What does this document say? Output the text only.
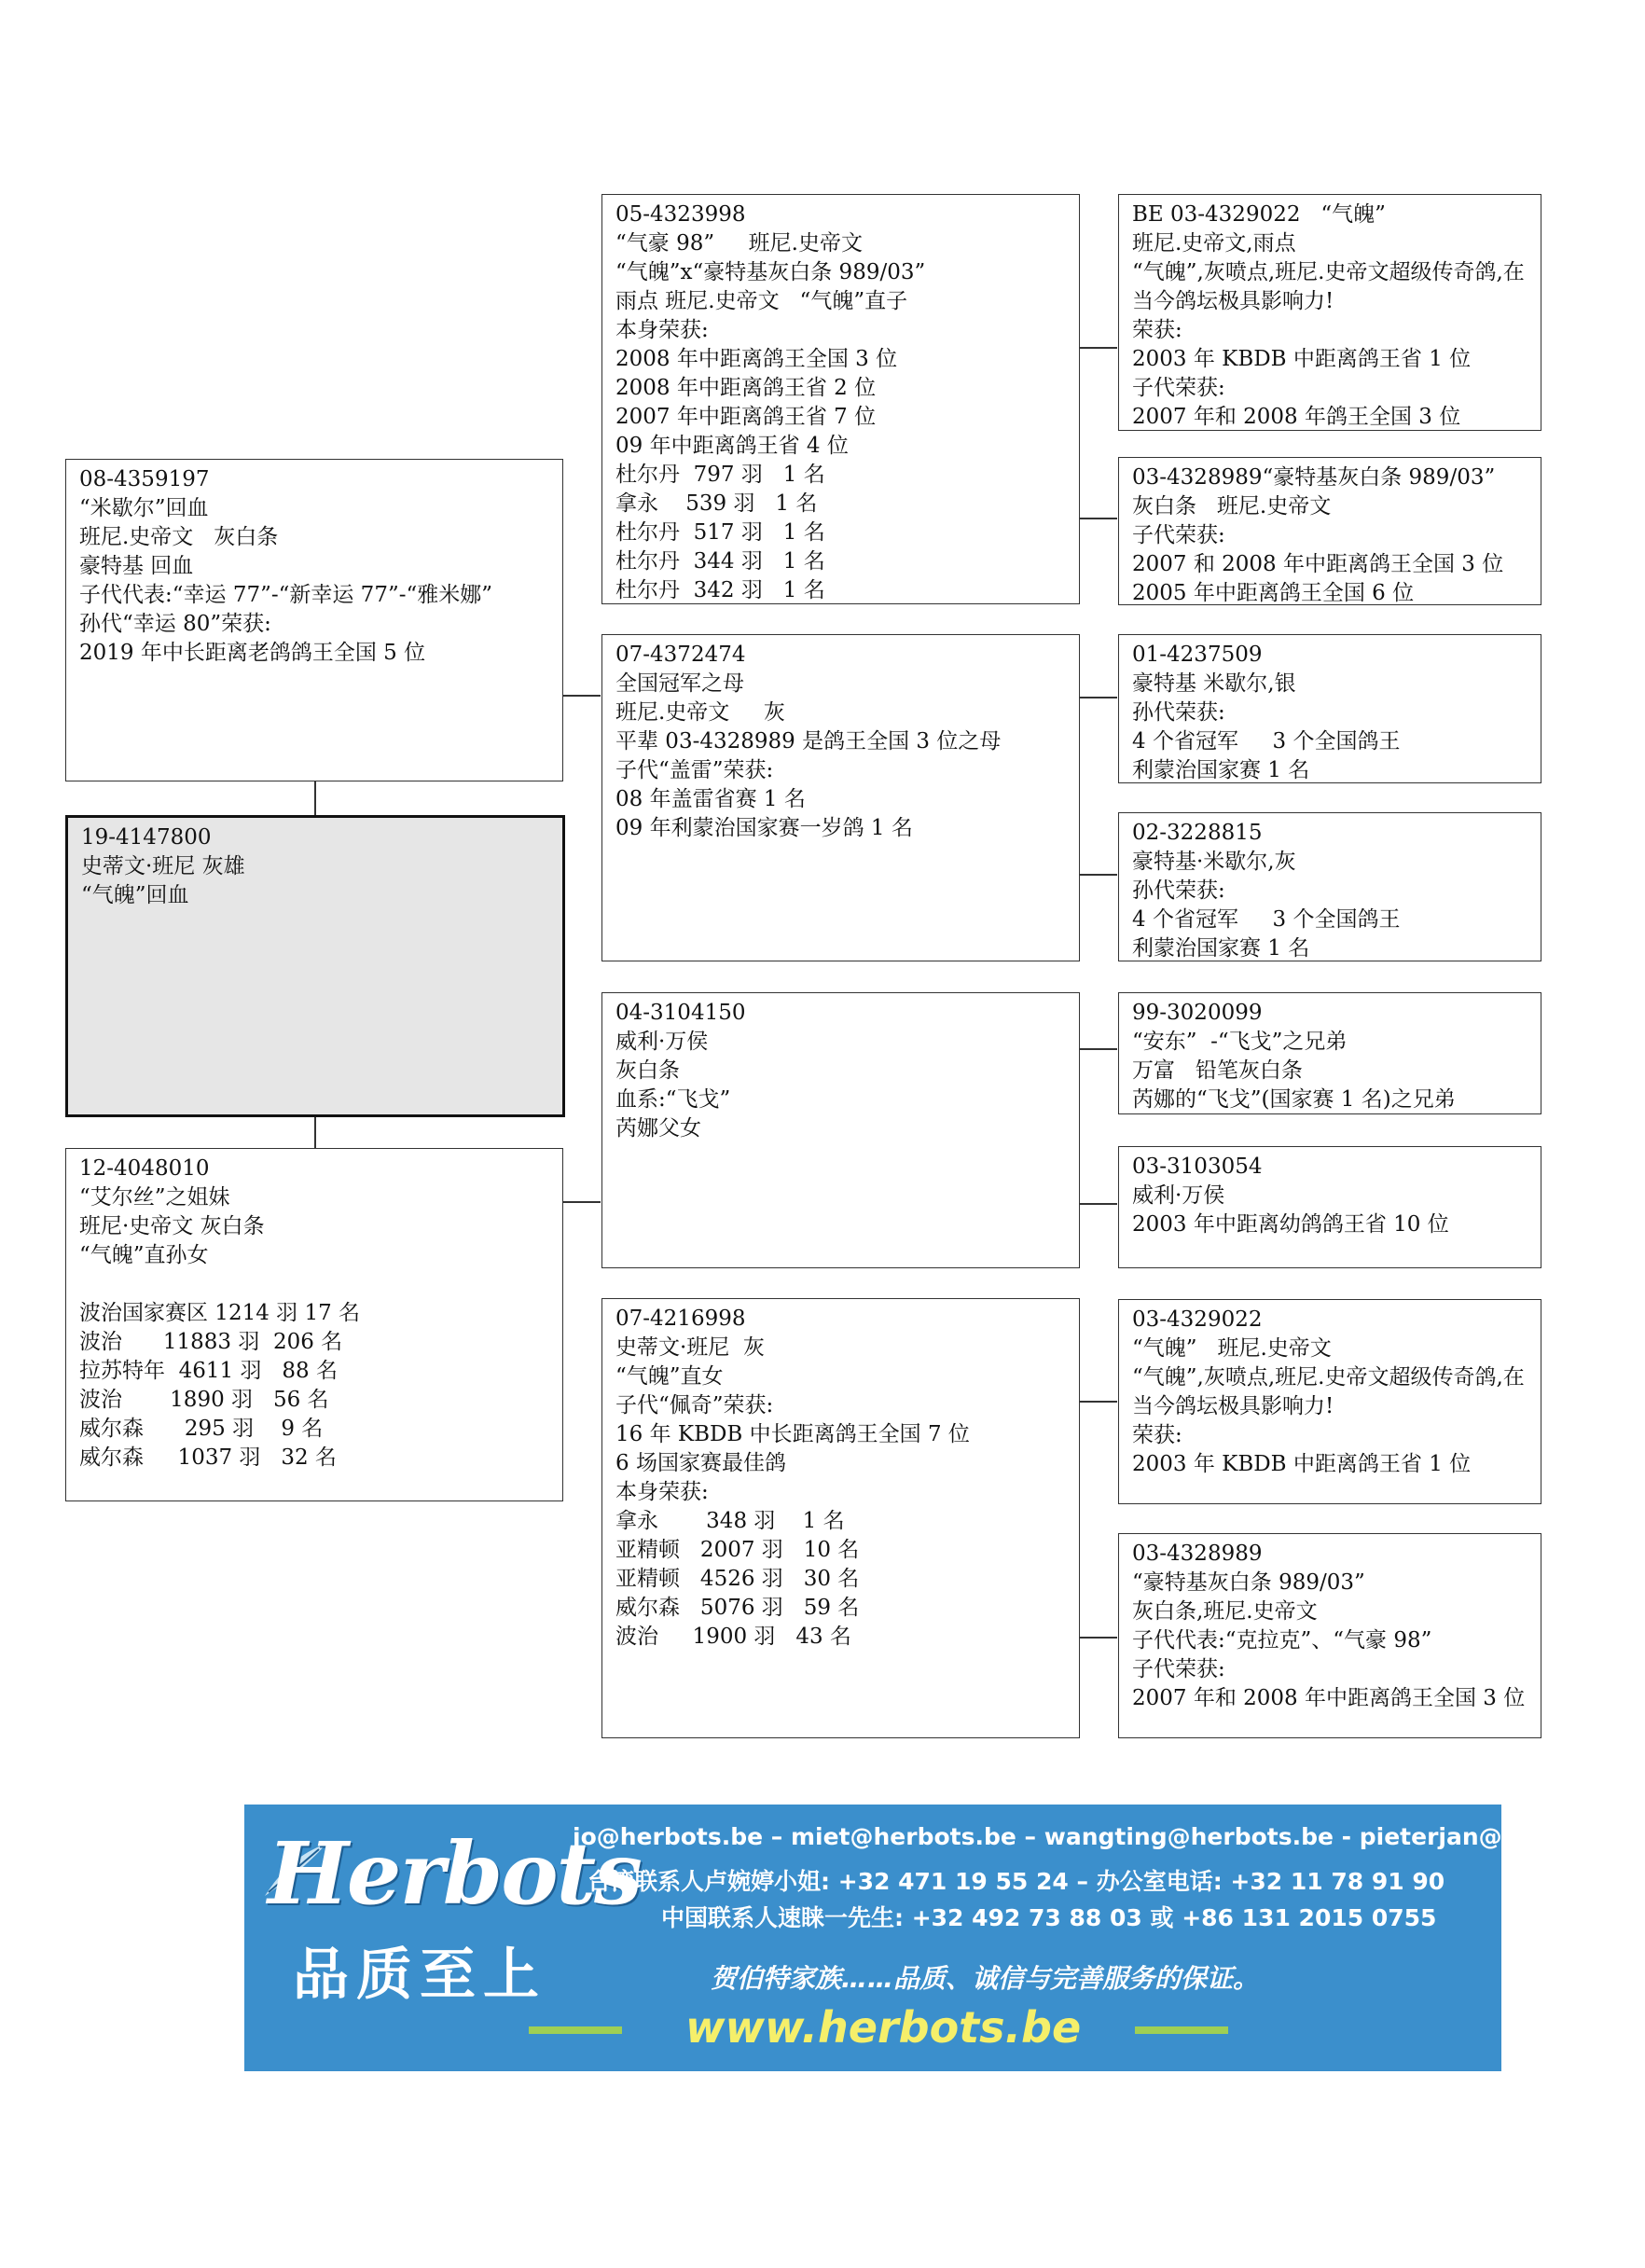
08-4359197
“米歇尔”回血
班尼.史帝文   灰白条
豪特基 回血
子代代表:“幸运 77”-“新幸运 77”-“雅米娜”
孙代“幸运 80”荣获:
2019 年中长距离老鸽鸽王全国 5 位
19-4147800
史蒂文·班尼 灰雄
“气魄”回血
12-4048010
“艾尔丝”之姐妹
班尼·史帝文 灰白条
“气魄”直孙女
波治国家赛区 1214 羽 17 名
波治      11883 羽  206 名
拉苏特年  4611 羽   88 名
波治       1890 羽   56 名
威尔森      295 羽    9 名
威尔森     1037 羽   32 名
05-4323998
“气豪 98”     班尼.史帝文
“气魄”x“豪特基灰白条 989/03”
雨点 班尼.史帝文   “气魄”直子
本身荣获:
2008 年中距离鸽王全国 3 位
2008 年中距离鸽王省 2 位
2007 年中距离鸽王省 7 位
09 年中距离鸽王省 4 位
杜尔丹  797 羽   1 名
拿永    539 羽   1 名
杜尔丹  517 羽   1 名
杜尔丹  344 羽   1 名
杜尔丹  342 羽   1 名
07-4372474
全国冠军之母
班尼.史帝文     灰
平辈 03-4328989 是鸽王全国 3 位之母
子代“盖雷”荣获:
08 年盖雷省赛 1 名
09 年利蒙治国家赛一岁鸽 1 名
04-3104150
威利·万侯
灰白条
血系:“飞戈”
芮娜父女
07-4216998
史蒂文·班尼  灰
“气魄”直女
子代“佩奇”荣获:
16 年 KBDB 中长距离鸽王全国 7 位
6 场国家赛最佳鸽
本身荣获:
拿永       348 羽    1 名
亚精顿   2007 羽   10 名
亚精顿   4526 羽   30 名
威尔森   5076 羽   59 名
波治     1900 羽   43 名
BE 03-4329022   “气魄”
班尼.史帝文,雨点
“气魄”,灰喷点,班尼.史帝文超级传奇鸽,在当今鸽坛极具影响力!
荣获:
2003 年 KBDB 中距离鸽王省 1 位
子代荣获:
2007 年和 2008 年鸽王全国 3 位
03-4328989“豪特基灰白条 989/03”
灰白条   班尼.史帝文
子代荣获:
2007 和 2008 年中距离鸽王全国 3 位
2005 年中距离鸽王全国 6 位
01-4237509
豪特基 米歇尔,银
孙代荣获:
4 个省冠军     3 个全国鸽王
利蒙治国家赛 1 名
02-3228815
豪特基·米歇尔,灰
孙代荣获:
4 个省冠军     3 个全国鸽王
利蒙治国家赛 1 名
99-3020099
“安东”  -“飞戈”之兄弟
万富   铅笔灰白条
芮娜的“飞戈”(国家赛 1 名)之兄弟
03-3103054
威利·万侯
2003 年中距离幼鸽鸽王省 10 位
03-4329022
“气魄”   班尼.史帝文
“气魄”,灰喷点,班尼.史帝文超级传奇鸽,在当今鸽坛极具影响力!
荣获:
2003 年 KBDB 中距离鸽王省 1 位
03-4328989
“豪特基灰白条 989/03”
灰白条,班尼.史帝文
子代代表:“克拉克”、“气豪 98”
子代荣获:
2007 年和 2008 年中距离鸽王全国 3 位
Herbots
品质至上
jo@herbots.be – miet@herbots.be – wangting@herbots.be - pieterjan@herbots.be
台湾联系人卢婉婷小姐: +32 471 19 55 24 – 办公室电话: +32 11 78 91 90
中国联系人速睐一先生: +32 492 73 88 03 或 +86 131 2015 0755
贺伯特家族……品质、诚信与完善服务的保证。
www.herbots.be
